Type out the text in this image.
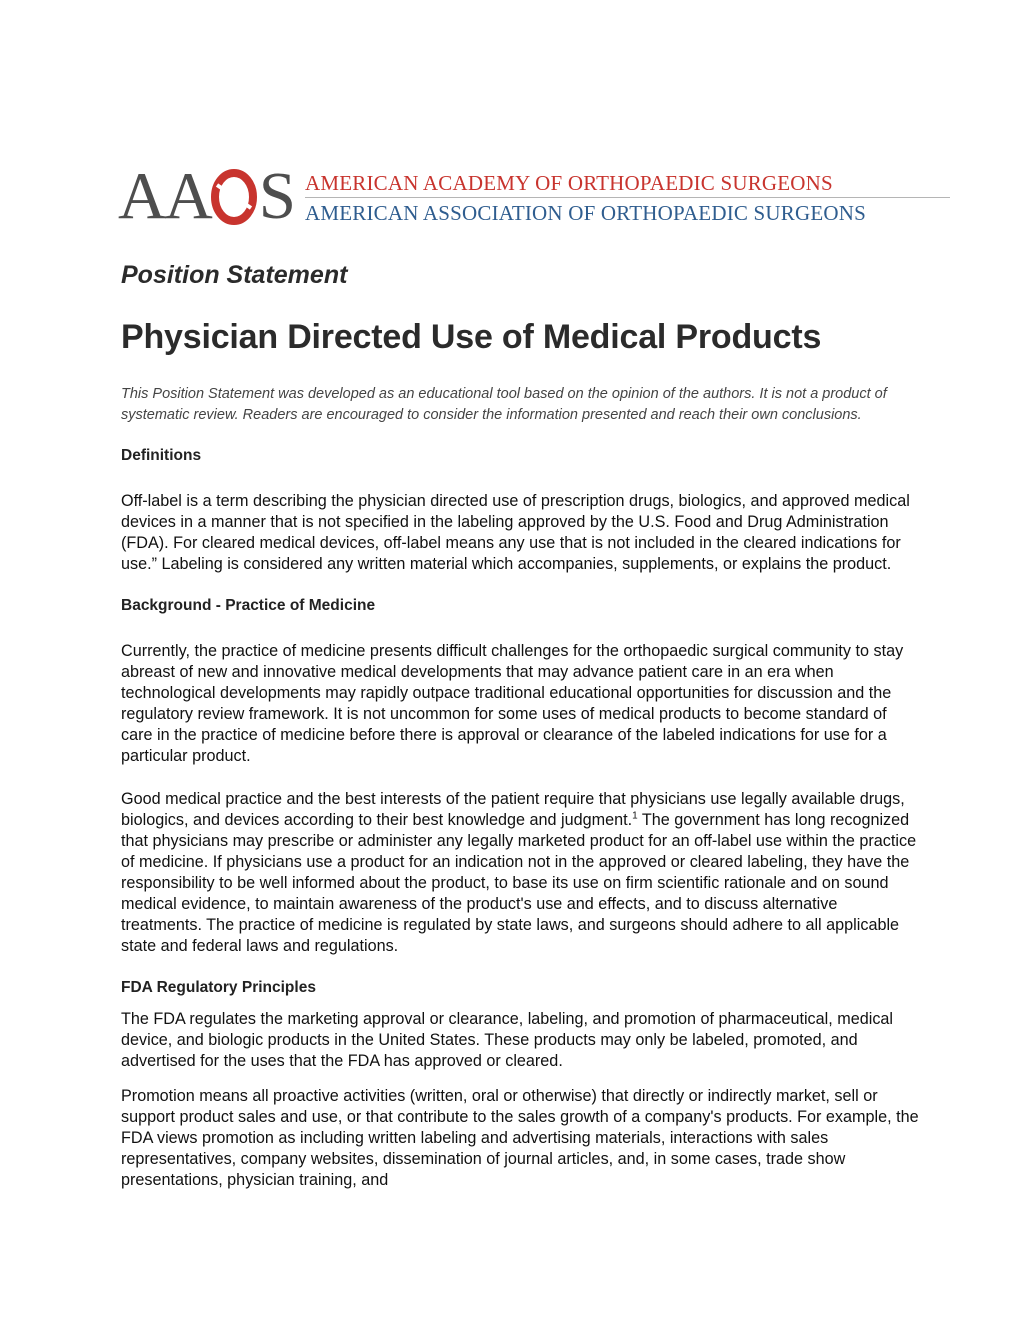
AA S AMERICAN ACADEMY OF ORTHOPAEDIC SURGEONS
AMERICAN ASSOCIATION OF ORTHOPAEDIC SURGEONS
Position Statement
Physician Directed Use of Medical Products

This Position Statement was developed as an educational tool based on the opinion of the authors. It is not a product of systematic review. Readers are encouraged to consider the information presented and reach their own conclusions.

Definitions

Off-label is a term describing the physician directed use of prescription drugs, biologics, and approved medical devices in a manner that is not specified in the labeling approved by the U.S. Food and Drug Administration (FDA). For cleared medical devices, off-label means any use that is not included in the cleared indications for use.” Labeling is considered any written material which accompanies, supplements, or explains the product.

Background - Practice of Medicine

Currently, the practice of medicine presents difficult challenges for the orthopaedic surgical community to stay abreast of new and innovative medical developments that may advance patient care in an era when technological developments may rapidly outpace traditional educational opportunities for discussion and the regulatory review framework. It is not uncommon for some uses of medical products to become standard of care in the practice of medicine before there is approval or clearance of the labeled indications for use for a particular product.

Good medical practice and the best interests of the patient require that physicians use legally available drugs, biologics, and devices according to their best knowledge and judgment.$^1$ The government has long recognized that physicians may prescribe or administer any legally marketed product for an off-label use within the practice of medicine. If physicians use a product for an indication not in the approved or cleared labeling, they have the responsibility to be well informed about the product, to base its use on firm scientific rationale and on sound medical evidence, to maintain awareness of the product's use and effects, and to discuss alternative treatments. The practice of medicine is regulated by state laws, and surgeons should adhere to all applicable state and federal laws and regulations.

FDA Regulatory Principles

The FDA regulates the marketing approval or clearance, labeling, and promotion of pharmaceutical, medical device, and biologic products in the United States. These products may only be labeled, promoted, and advertised for the uses that the FDA has approved or cleared.

Promotion means all proactive activities (written, oral or otherwise) that directly or indirectly market, sell or support product sales and use, or that contribute to the sales growth of a company's products. For example, the FDA views promotion as including written labeling and advertising materials, interactions with sales representatives, company websites, dissemination of journal articles, and, in some cases, trade show presentations, physician training, and
